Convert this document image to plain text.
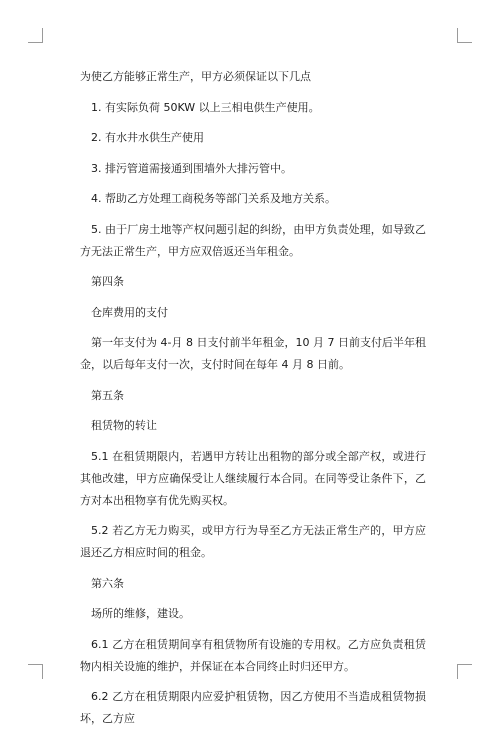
为使乙方能够正常生产，甲方必须保证以下几点

1. 有实际负荷 50KW 以上三相电供生产使用。

2. 有水井水供生产使用

3. 排污管道需接通到围墙外大排污管中。

4. 帮助乙方处理工商税务等部门关系及地方关系。

5. 由于厂房土地等产权问题引起的纠纷，由甲方负责处理，如导致乙方无法正常生产，甲方应双倍返还当年租金。

第四条

仓库费用的支付

第一年支付为 4-月 8 日支付前半年租金，10 月 7 日前支付后半年租金，以后每年支付一次，支付时间在每年 4 月 8 日前。

第五条

租赁物的转让

5.1 在租赁期限内，若遇甲方转让出租物的部分或全部产权，或进行其他改建，甲方应确保受让人继续履行本合同。在同等受让条件下，乙方对本出租物享有优先购买权。

5.2 若乙方无力购买，或甲方行为导至乙方无法正常生产的，甲方应退还乙方相应时间的租金。

第六条

场所的维修，建设。

6.1 乙方在租赁期间享有租赁物所有设施的专用权。乙方应负责租赁物内相关设施的维护，并保证在本合同终止时归还甲方。

6.2 乙方在租赁期限内应爱护租赁物，因乙方使用不当造成租赁物损坏，乙方应
